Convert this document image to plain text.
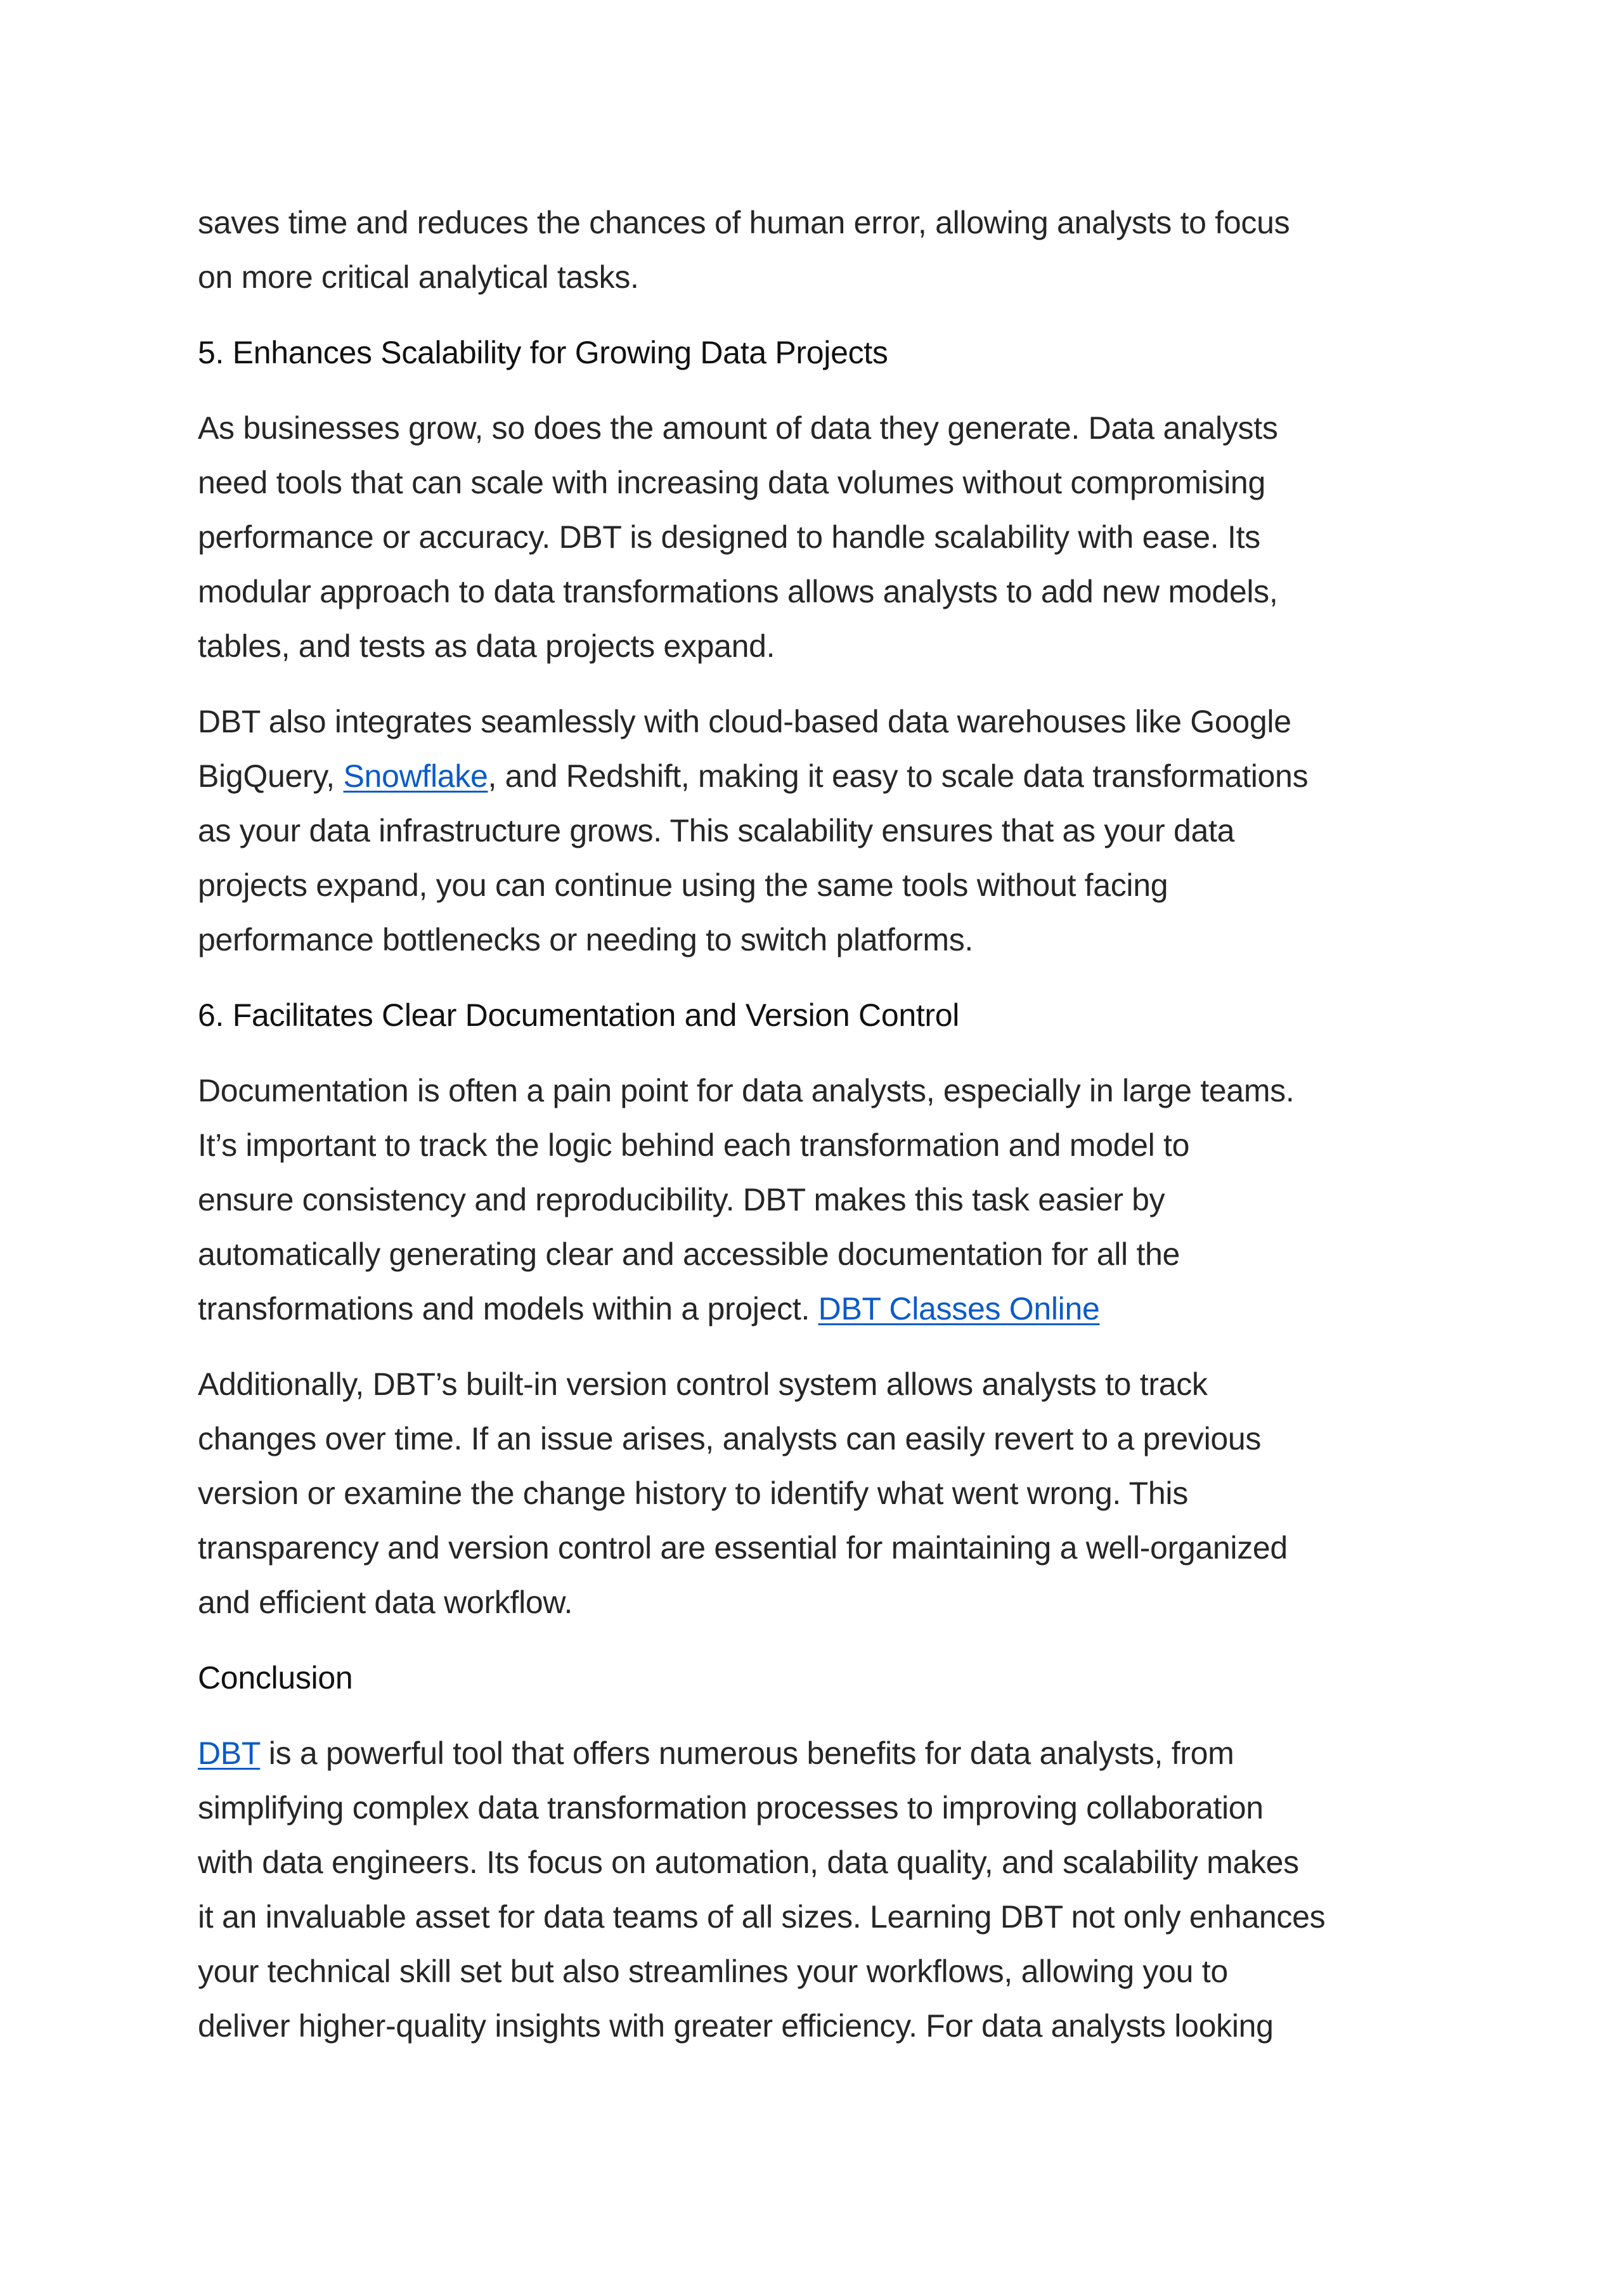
saves time and reduces the chances of human error, allowing analysts to focus
on more critical analytical tasks.
5. Enhances Scalability for Growing Data Projects
As businesses grow, so does the amount of data they generate. Data analysts
need tools that can scale with increasing data volumes without compromising
performance or accuracy. DBT is designed to handle scalability with ease. Its
modular approach to data transformations allows analysts to add new models,
tables, and tests as data projects expand.
DBT also integrates seamlessly with cloud-based data warehouses like Google
BigQuery, Snowflake, and Redshift, making it easy to scale data transformations
as your data infrastructure grows. This scalability ensures that as your data
projects expand, you can continue using the same tools without facing
performance bottlenecks or needing to switch platforms.
6. Facilitates Clear Documentation and Version Control
Documentation is often a pain point for data analysts, especially in large teams.
It’s important to track the logic behind each transformation and model to
ensure consistency and reproducibility. DBT makes this task easier by
automatically generating clear and accessible documentation for all the
transformations and models within a project. DBT Classes Online
Additionally, DBT’s built-in version control system allows analysts to track
changes over time. If an issue arises, analysts can easily revert to a previous
version or examine the change history to identify what went wrong. This
transparency and version control are essential for maintaining a well-organized
and efficient data workflow.
Conclusion
DBT is a powerful tool that offers numerous benefits for data analysts, from
simplifying complex data transformation processes to improving collaboration
with data engineers. Its focus on automation, data quality, and scalability makes
it an invaluable asset for data teams of all sizes. Learning DBT not only enhances
your technical skill set but also streamlines your workflows, allowing you to
deliver higher-quality insights with greater efficiency. For data analysts looking
